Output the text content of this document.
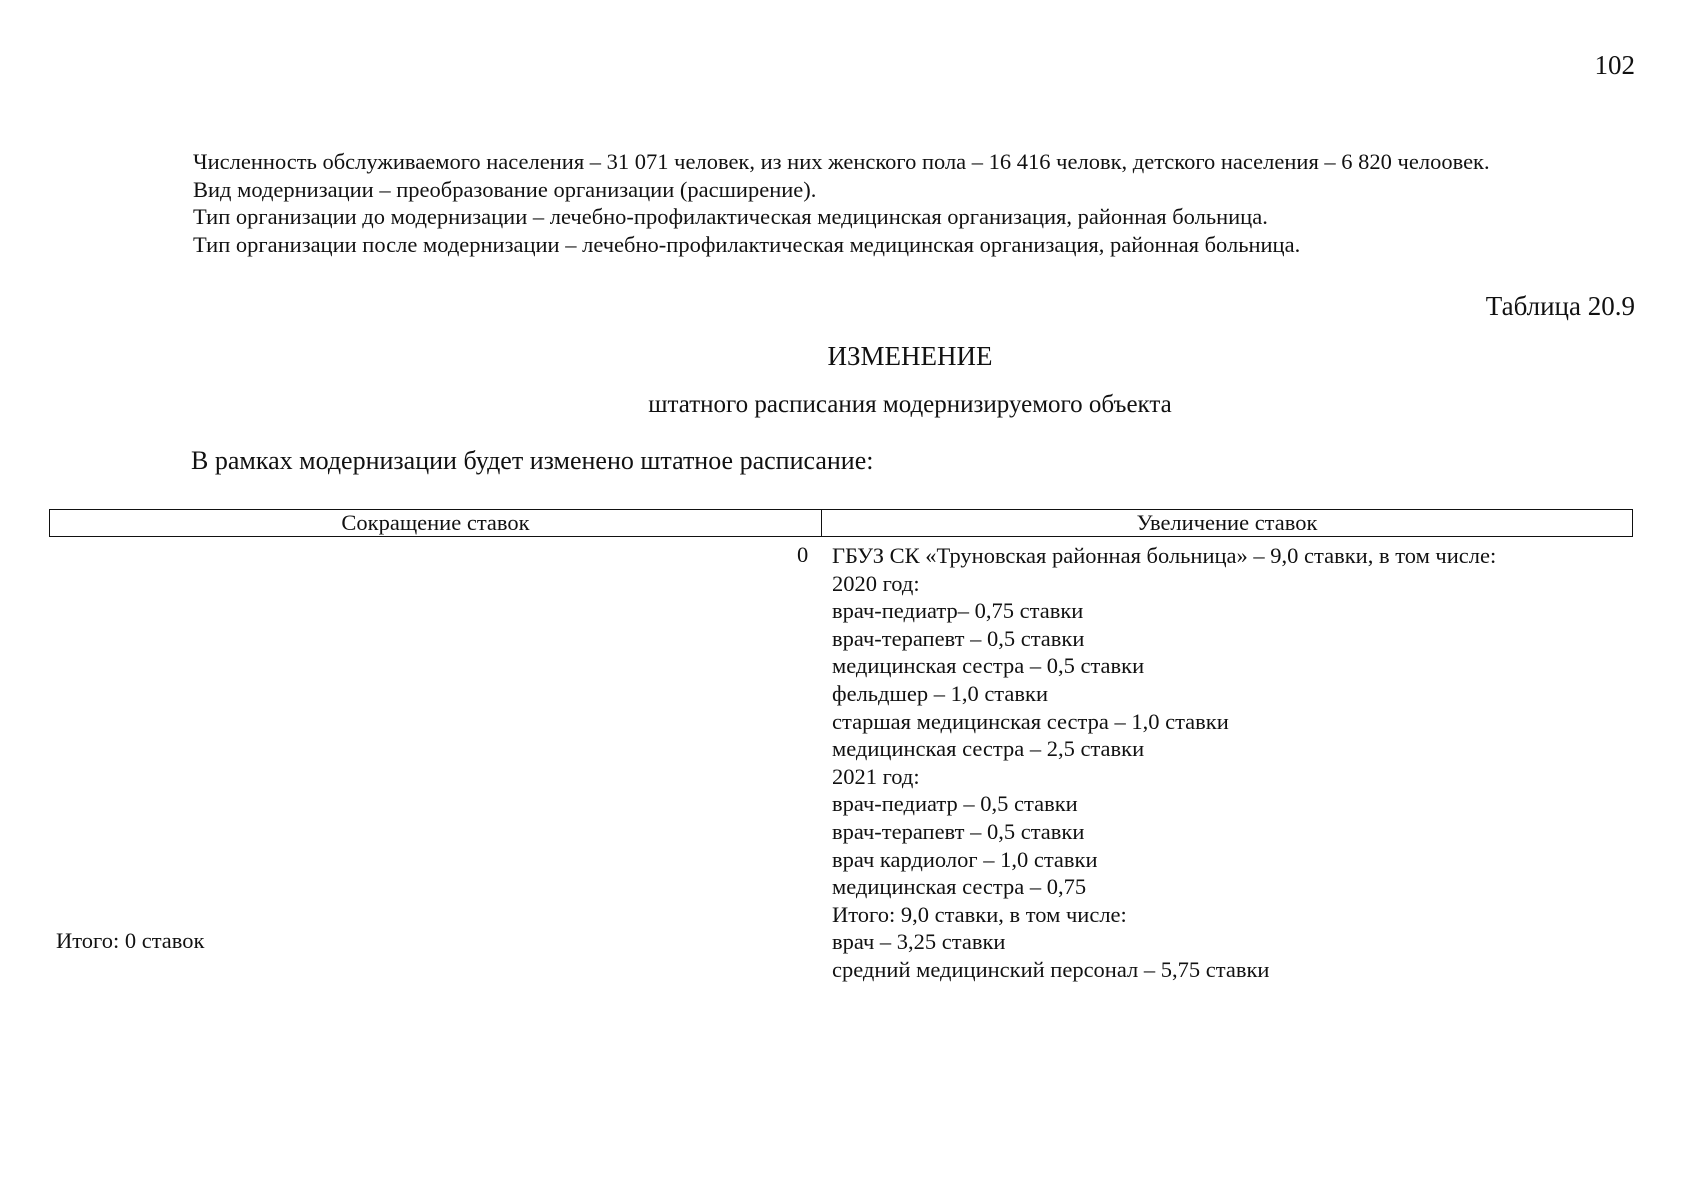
102
Численность обслуживаемого населения – 31 071 человек, из них женского пола – 16 416 человк, детского населения – 6 820 челоовек.
Вид модернизации – преобразование организации (расширение).
Тип организации до модернизации – лечебно-профилактическая медицинская организация, районная больница.
Тип организации после модернизации – лечебно-профилактическая медицинская организация, районная больница.
Таблица 20.9
ИЗМЕНЕНИЕ
штатного расписания модернизируемого объекта
В рамках модернизации будет изменено штатное расписание:
Сокращение ставок	Увеличение ставок
0
Итого: 0 ставок
ГБУЗ СК «Труновская районная больница» – 9,0 ставки, в том числе:
2020 год:
врач-педиатр– 0,75 ставки
врач-терапевт – 0,5 ставки
медицинская сестра – 0,5 ставки
фельдшер – 1,0 ставки
старшая медицинская сестра – 1,0 ставки
медицинская сестра – 2,5 ставки
2021 год:
врач-педиатр – 0,5 ставки
врач-терапевт – 0,5 ставки
врач кардиолог – 1,0 ставки
медицинская сестра – 0,75
Итого: 9,0 ставки, в том числе:
врач – 3,25 ставки
средний медицинский персонал – 5,75 ставки
